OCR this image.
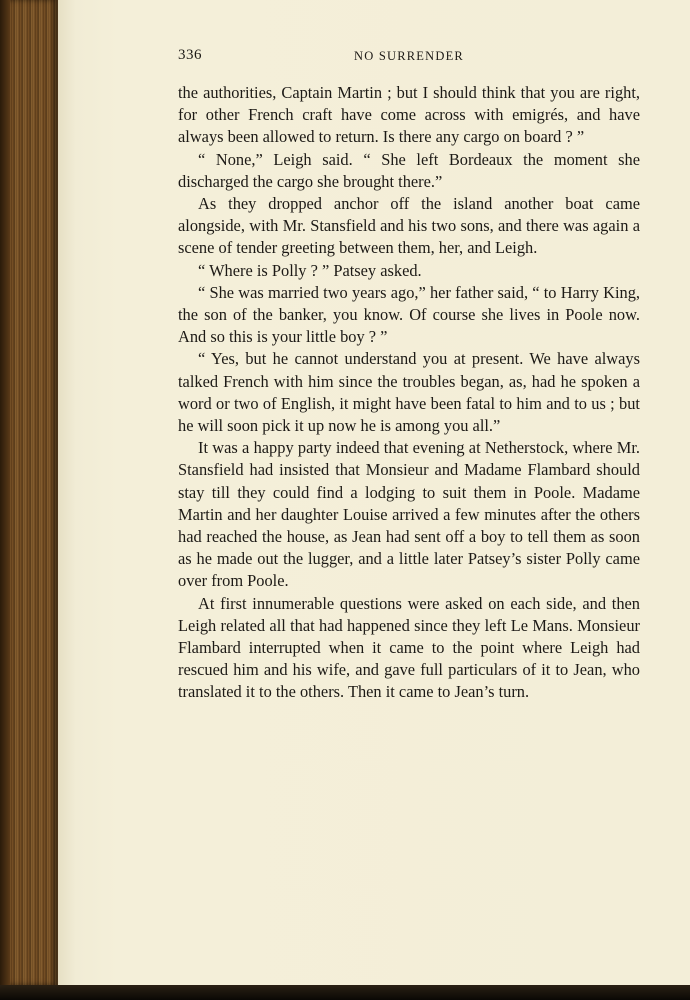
336	NO SURRENDER

the authorities, Captain Martin ; but I should think that you are right, for other French craft have come across with emigrés, and have always been allowed to return. Is there any cargo on board ? ”

“ None,” Leigh said. “ She left Bordeaux the moment she discharged the cargo she brought there.”

As they dropped anchor off the island another boat came alongside, with Mr. Stansfield and his two sons, and there was again a scene of tender greeting between them, her, and Leigh.

“ Where is Polly ? ” Patsey asked.

“ She was married two years ago,” her father said, “ to Harry King, the son of the banker, you know. Of course she lives in Poole now. And so this is your little boy ? ”

“ Yes, but he cannot understand you at present. We have always talked French with him since the troubles began, as, had he spoken a word or two of English, it might have been fatal to him and to us ; but he will soon pick it up now he is among you all.”

It was a happy party indeed that evening at Netherstock, where Mr. Stansfield had insisted that Monsieur and Madame Flambard should stay till they could find a lodging to suit them in Poole. Madame Martin and her daughter Louise arrived a few minutes after the others had reached the house, as Jean had sent off a boy to tell them as soon as he made out the lugger, and a little later Patsey’s sister Polly came over from Poole.

At first innumerable questions were asked on each side, and then Leigh related all that had happened since they left Le Mans. Monsieur Flambard interrupted when it came to the point where Leigh had rescued him and his wife, and gave full particulars of it to Jean, who translated it to the others. Then it came to Jean’s turn.
